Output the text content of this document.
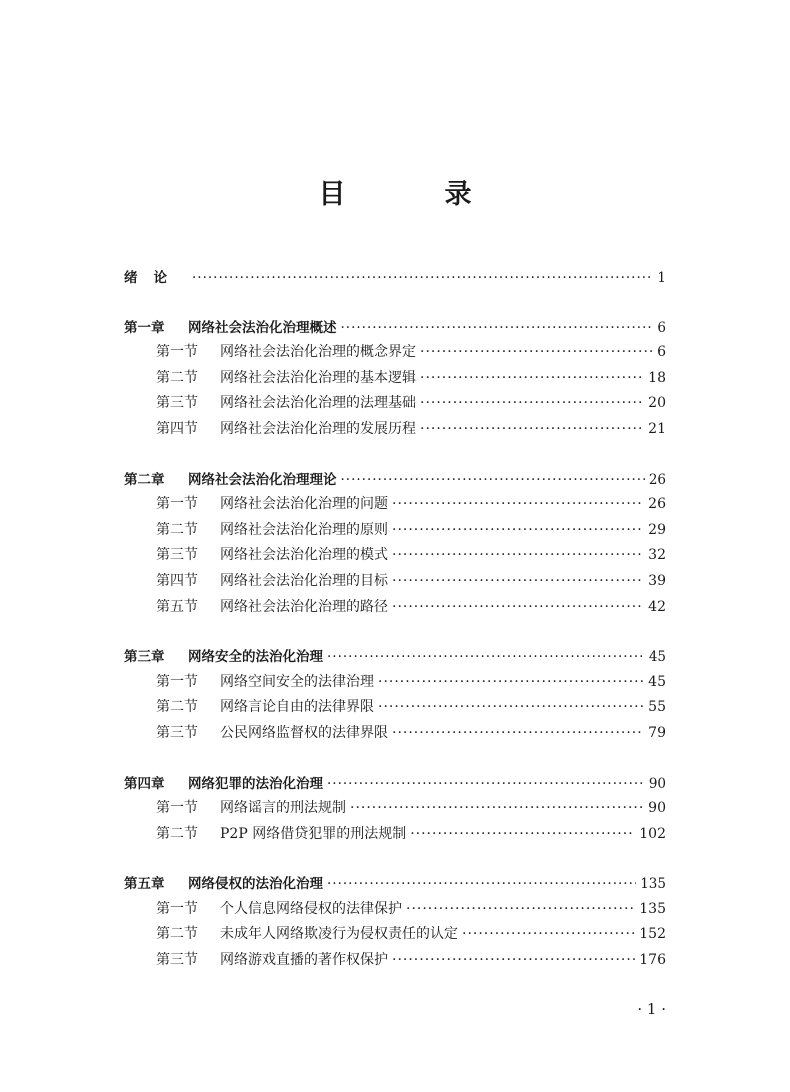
目　录
绪论 ·····	1
第一章	网络社会法治化治理概述 ·····	6
第一节	网络社会法治化治理的概念界定 ·····	6
第二节	网络社会法治化治理的基本逻辑 ·····	18
第三节	网络社会法治化治理的法理基础 ·····	20
第四节	网络社会法治化治理的发展历程 ·····	21
第二章	网络社会法治化治理理论 ·····	26
第一节	网络社会法治化治理的问题 ·····	26
第二节	网络社会法治化治理的原则 ·····	29
第三节	网络社会法治化治理的模式 ·····	32
第四节	网络社会法治化治理的目标 ·····	39
第五节	网络社会法治化治理的路径 ·····	42
第三章	网络安全的法治化治理 ·····	45
第一节	网络空间安全的法律治理 ·····	45
第二节	网络言论自由的法律界限 ·····	55
第三节	公民网络监督权的法律界限 ·····	79
第四章	网络犯罪的法治化治理 ·····	90
第一节	网络谣言的刑法规制 ·····	90
第二节	P2P 网络借贷犯罪的刑法规制 ·····	102
第五章	网络侵权的法治化治理 ·····	135
第一节	个人信息网络侵权的法律保护 ·····	135
第二节	未成年人网络欺凌行为侵权责任的认定 ·····	152
第三节	网络游戏直播的著作权保护 ·····	176
· 1 ·
